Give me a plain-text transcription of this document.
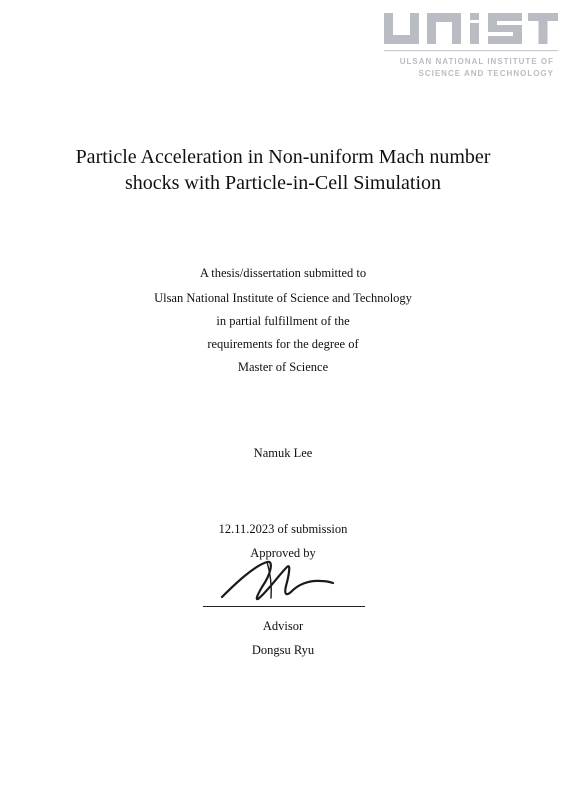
ULSAN NATIONAL INSTITUTE OF
SCIENCE AND TECHNOLOGY
Particle Acceleration in Non-uniform Mach number
shocks with Particle-in-Cell Simulation
A thesis/dissertation submitted to
Ulsan National Institute of Science and Technology
in partial fulfillment of the
requirements for the degree of
Master of Science
Namuk Lee
12.11.2023 of submission
Approved by
Advisor
Dongsu Ryu
